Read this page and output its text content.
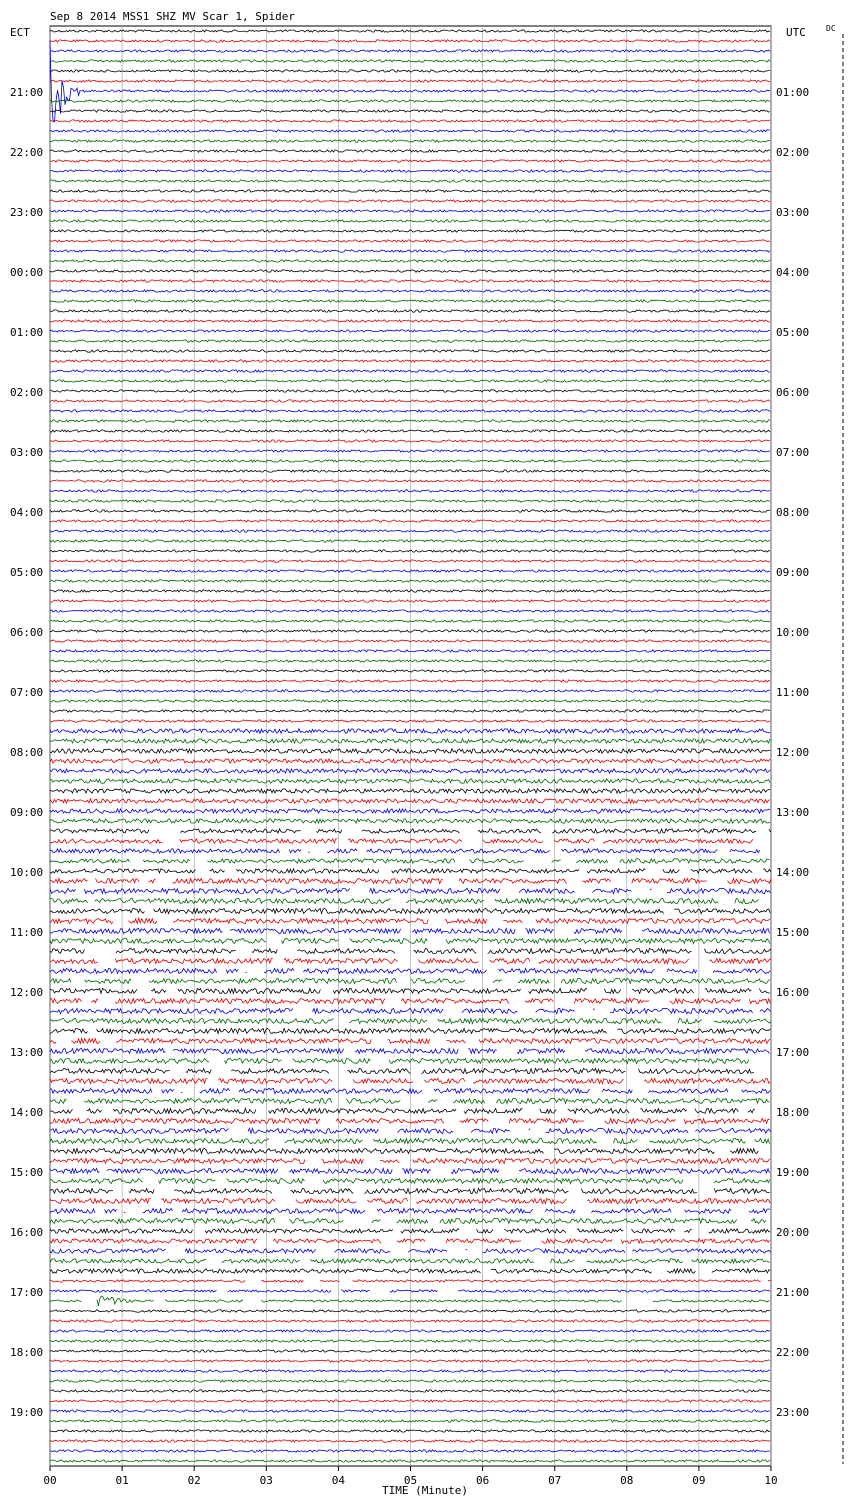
Sep 8 2014 MSS1 SHZ MV Scar 1, Spider
ECT	UTC	DC
21:00
22:00
23:00
00:00
01:00
02:00
03:00
04:00
05:00
06:00
07:00
08:00
09:00
10:00
11:00
12:00
13:00
14:00
15:00
16:00
17:00
18:00
19:00
01:00
02:00
03:00
04:00
05:00
06:00
07:00
08:00
09:00
10:00
11:00
12:00
13:00
14:00
15:00
16:00
17:00
18:00
19:00
20:00
21:00
22:00
23:00
00	01	02	03	04	05	06	07	08	09	10
TIME (Minute)
